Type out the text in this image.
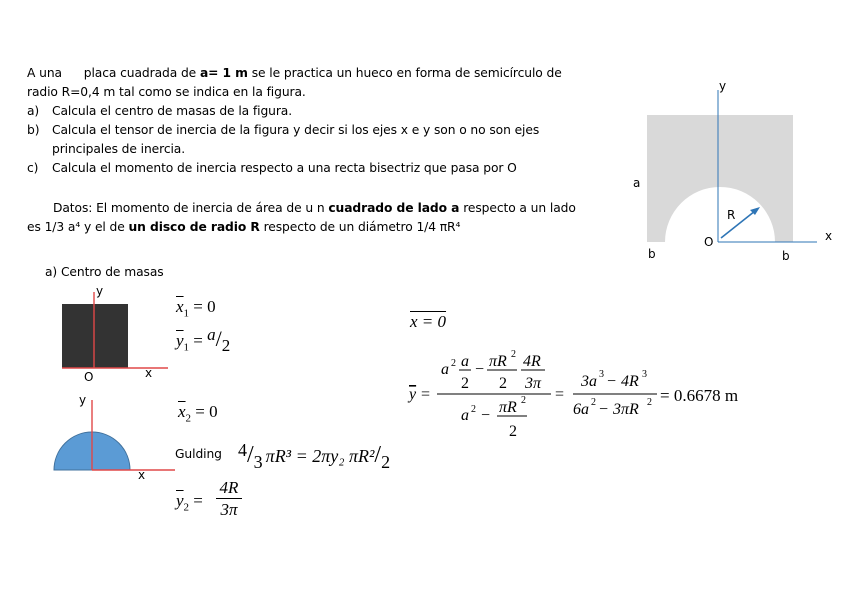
A una placa cuadrada de a= 1 m se le practica un hueco en forma de semicírculo de
radio R=0,4 m tal como se indica en la figura.
a) Calcula el centro de masas de la figura.
b) Calcula el tensor de inercia de la figura y decir si los ejes x e y son o no son ejes
principales de inercia.
c) Calcula el momento de inercia respecto a una recta bisectriz que pasa por O
Datos: El momento de inercia de área de u n cuadrado de lado a respecto a un lado
es 1/3 a⁴ y el de un disco de radio R respecto de un diámetro 1/4 πR⁴
y
x
a
R
O
b	b
a) Centro de masas
y
x
O
y
x
$\overline{x}_1 = 0$
$\overline{y}_1 = a/2$
$\overline{x}_2 = 0$
Gulding 4/3 πR³ = 2πy₂ πR²/2
$\overline{y}_2$ =
4R
3π
x = 0
y =
a 2 a
2
− πR 2
2
4R
3π
a 2 − πR 2
2
=
3a 3 − 4R 3
6a 2 − 3πR 2 = 0.6678 m
